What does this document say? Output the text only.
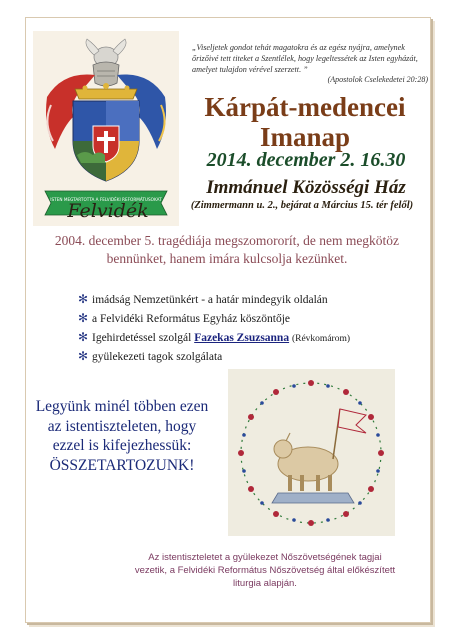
ISTEN MEGTARTOTTA A FELVIDÉKI REFORMÁTUSOKAT
Felvidék
„Viseljetek gondot tehát magatokra és az egész nyájra, amelynek őrizőivé tett titeket a Szentlélek, hogy legeltessétek az Isten egyházát, amelyet tulajdon vérével szerzett. ”
(Apostolok Cselekedetei 20:28)
Kárpát-medencei
Imanap
2014. december 2. 16.30
Immánuel Közösségi Ház
(Zimmermann u. 2., bejárat a Március 15. tér felől)
2004. december 5. tragédiája megszomororít, de nem megkötöz bennünket, hanem imára kulcsolja kezünket.
✻ imádság Nemzetünkért - a határ mindegyik oldalán
✻ a Felvidéki Református Egyház köszöntője
✻ Igehirdetéssel szolgál Fazekas Zsuzsanna (Révkomárom)
✻ gyülekezeti tagok szolgálata
Legyünk minél többen ezen az istentiszteleten, hogy ezzel is kifejezhessük: ÖSSZETARTOZUNK!
Az istentiszteletet a gyülekezet Nőszövetségének tagjai vezetik, a Felvidéki Református Nőszövetség által előkészített liturgia alapján.
